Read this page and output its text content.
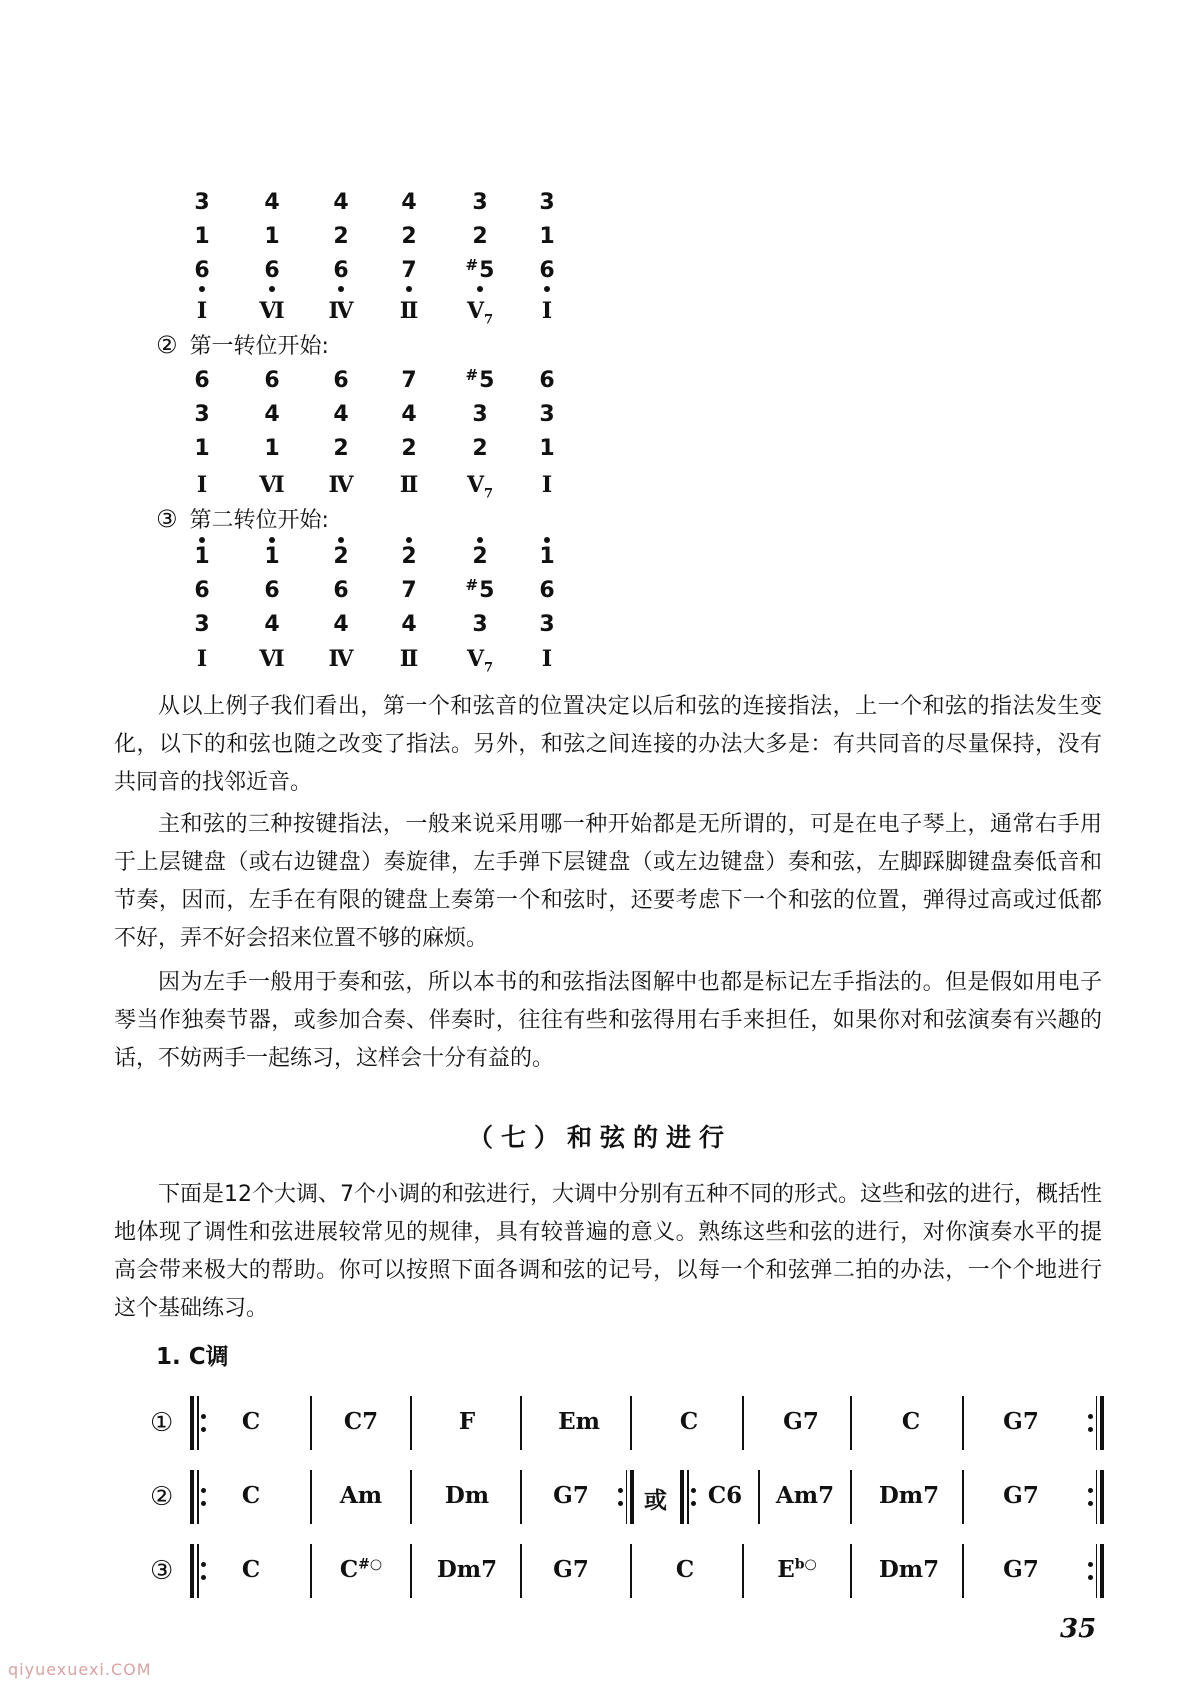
3	4	4	4	3	3
1	1	2	2	2	1
6	6	6	7	#5	6
I	Ⅵ	Ⅳ	Ⅱ	$V_7$	I
② 第一转位开始:
6	6	6	7	#5	6
3	4	4	4	3	3
1	1	2	2	2	1
I	Ⅵ	Ⅳ	Ⅱ	$V_7$	I
③ 第二转位开始:
1	1	2	2	2	1
6	6	6	7	#5	6
3	4	4	4	3	3
I	Ⅵ	Ⅳ	Ⅱ	$V_7$	I

从以上例子我们看出，第一个和弦音的位置决定以后和弦的连接指法，上一个和弦的指法发生变化，以下的和弦也随之改变了指法。另外，和弦之间连接的办法大多是：有共同音的尽量保持，没有共同音的找邻近音。

主和弦的三种按键指法，一般来说采用哪一种开始都是无所谓的，可是在电子琴上，通常右手用于上层键盘（或右边键盘）奏旋律，左手弹下层键盘（或左边键盘）奏和弦，左脚踩脚键盘奏低音和节奏，因而，左手在有限的键盘上奏第一个和弦时，还要考虑下一个和弦的位置，弹得过高或过低都不好，弄不好会招来位置不够的麻烦。

因为左手一般用于奏和弦，所以本书的和弦指法图解中也都是标记左手指法的。但是假如用电子琴当作独奏节器，或参加合奏、伴奏时，往往有些和弦得用右手来担任，如果你对和弦演奏有兴趣的话，不妨两手一起练习，这样会十分有益的。

（七）和弦的进行

下面是12个大调、7个小调的和弦进行，大调中分别有五种不同的形式。这些和弦的进行，概括性地体现了调性和弦进展较常见的规律，具有较普遍的意义。熟练这些和弦的进行，对你演奏水平的提高会带来极大的帮助。你可以按照下面各调和弦的记号，以每一个和弦弹二拍的办法，一个个地进行这个基础练习。

1. C调
①	C	C7	F	Em	C	G7	C	G7
②	C	Am	Dm	G7	或	C6	Am7 Dm7	G7
③	C	C#○	Dm7	G7	C	$E^{b○}$	Dm7	G7
35
qiyuexuexi.COM
